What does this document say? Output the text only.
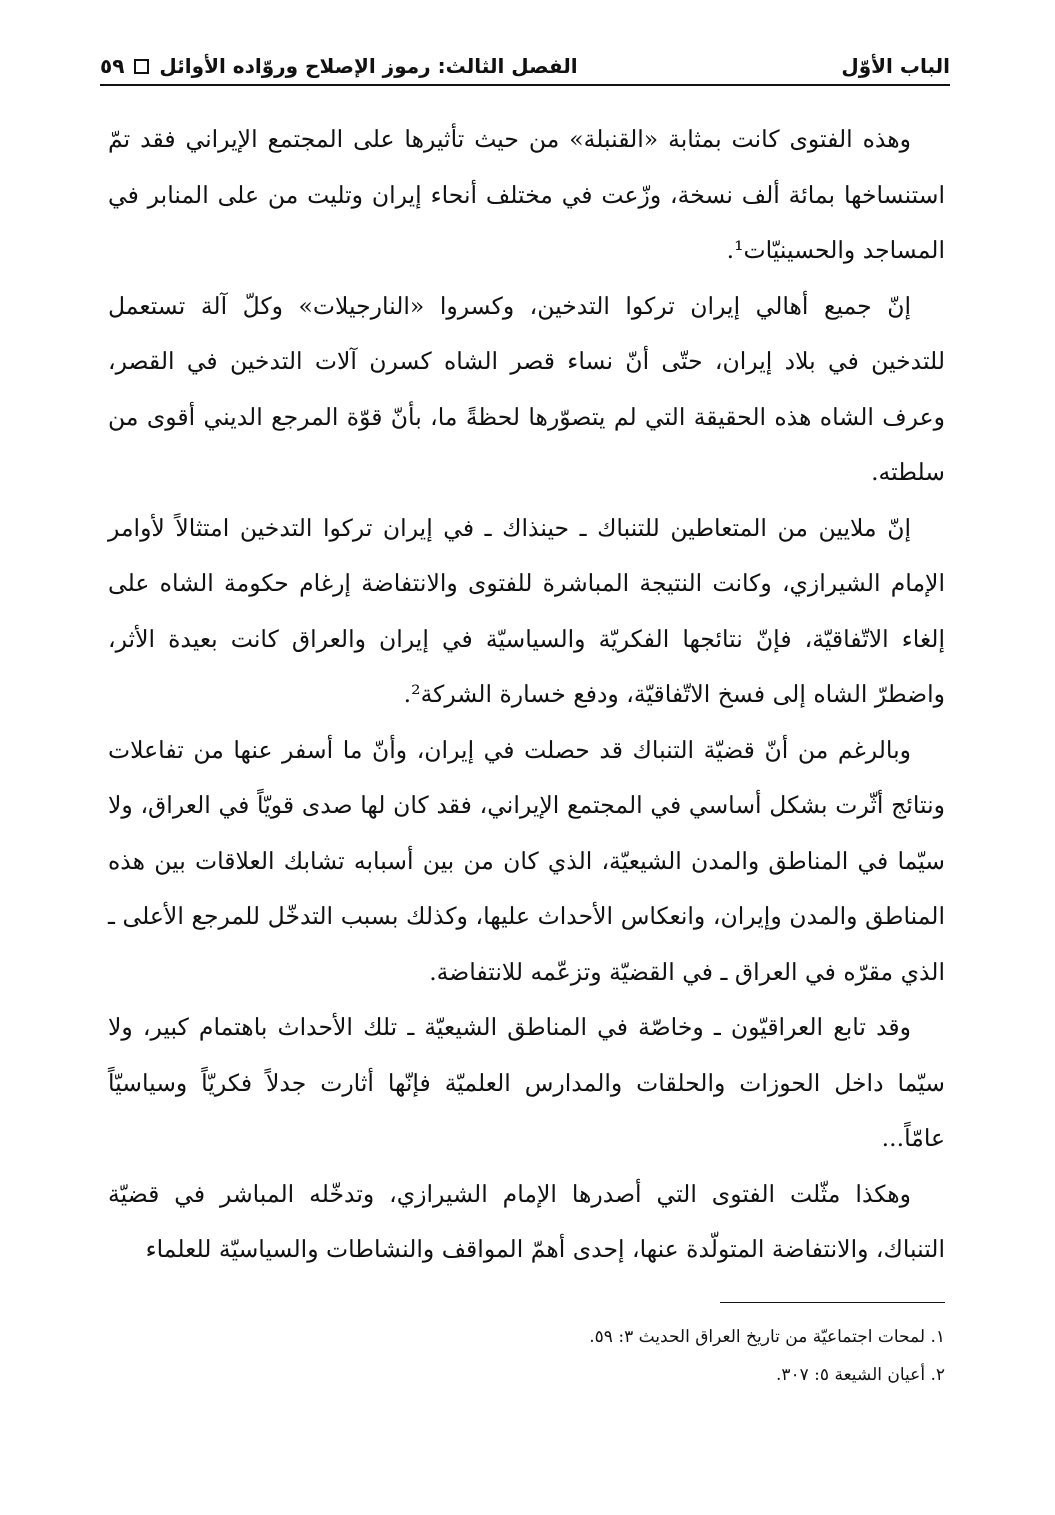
الباب الأوّل
الفصل الثالث: رموز الإصلاح وروّاده الأوائل
٥٩

وهذه الفتوى كانت بمثابة «القنبلة» من حيث تأثيرها على المجتمع الإيراني فقد تمّ استنساخها بمائة ألف نسخة، وزّعت في مختلف أنحاء إيران وتليت من على المنابر في المساجد والحسينيّات¹.

إنّ جميع أهالي إيران تركوا التدخين، وكسروا «النارجيلات» وكلّ آلة تستعمل للتدخين في بلاد إيران، حتّى أنّ نساء قصر الشاه كسرن آلات التدخين في القصر، وعرف الشاه هذه الحقيقة التي لم يتصوّرها لحظةً ما، بأنّ قوّة المرجع الديني أقوى من سلطته.

إنّ ملايين من المتعاطين للتنباك ـ حينذاك ـ في إيران تركوا التدخين امتثالاً لأوامر الإمام الشيرازي، وكانت النتيجة المباشرة للفتوى والانتفاضة إرغام حكومة الشاه على إلغاء الاتّفاقيّة، فإنّ نتائجها الفكريّة والسياسيّة في إيران والعراق كانت بعيدة الأثر، واضطرّ الشاه إلى فسخ الاتّفاقيّة، ودفع خسارة الشركة².

وبالرغم من أنّ قضيّة التنباك قد حصلت في إيران، وأنّ ما أسفر عنها من تفاعلات ونتائج أثّرت بشكل أساسي في المجتمع الإيراني، فقد كان لها صدى قويّاً في العراق، ولا سيّما في المناطق والمدن الشيعيّة، الذي كان من بين أسبابه تشابك العلاقات بين هذه المناطق والمدن وإيران، وانعكاس الأحداث عليها، وكذلك بسبب التدخّل للمرجع الأعلى ـ الذي مقرّه في العراق ـ في القضيّة وتزعّمه للانتفاضة.

وقد تابع العراقيّون ـ وخاصّة في المناطق الشيعيّة ـ تلك الأحداث باهتمام كبير، ولا سيّما داخل الحوزات والحلقات والمدارس العلميّة فإنّها أثارت جدلاً فكريّاً وسياسيّاً عامّاً...

وهكذا مثّلت الفتوى التي أصدرها الإمام الشيرازي، وتدخّله المباشر في قضيّة التنباك، والانتفاضة المتولّدة عنها، إحدى أهمّ المواقف والنشاطات والسياسيّة للعلماء

١. لمحات اجتماعيّة من تاريخ العراق الحديث ٣: ٥٩.

٢. أعيان الشيعة ٥: ٣٠٧.
